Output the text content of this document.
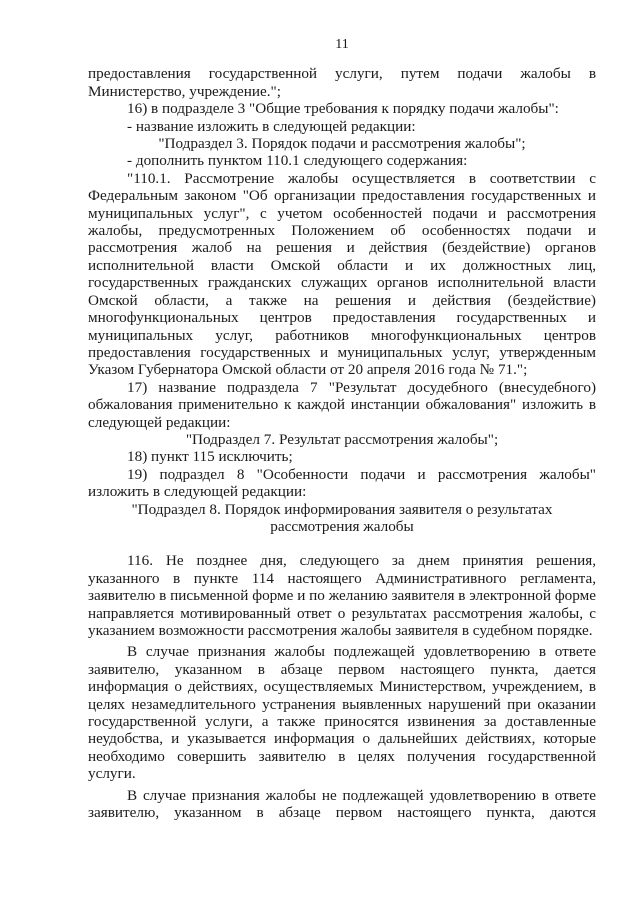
11

предоставления государственной услуги, путем подачи жалобы в Министерство, учреждение.";

16) в подразделе 3 "Общие требования к порядку подачи жалобы":

- название изложить в следующей редакции:

"Подраздел 3. Порядок подачи и рассмотрения жалобы";

- дополнить пунктом 110.1 следующего содержания:

"110.1. Рассмотрение жалобы осуществляется в соответствии с Федеральным законом "Об организации предоставления государственных и муниципальных услуг", с учетом особенностей подачи и рассмотрения жалобы, предусмотренных Положением об особенностях подачи и рассмотрения жалоб на решения и действия (бездействие) органов исполнительной власти Омской области и их должностных лиц, государственных гражданских служащих органов исполнительной власти Омской области, а также на решения и действия (бездействие) многофункциональных центров предоставления государственных и муниципальных услуг, работников многофункциональных центров предоставления государственных и муниципальных услуг, утвержденным Указом Губернатора Омской области от 20 апреля 2016 года № 71.";

17) название подраздела 7 "Результат досудебного (внесудебного) обжалования применительно к каждой инстанции обжалования" изложить в следующей редакции:

"Подраздел 7. Результат рассмотрения жалобы";

18) пункт 115 исключить;

19) подраздел 8 "Особенности подачи и рассмотрения жалобы" изложить в следующей редакции:

"Подраздел 8. Порядок информирования заявителя о результатах

рассмотрения жалобы

116. Не позднее дня, следующего за днем принятия решения, указанного в пункте 114 настоящего Административного регламента, заявителю в письменной форме и по желанию заявителя в электронной форме направляется мотивированный ответ о результатах рассмотрения жалобы, с указанием возможности рассмотрения жалобы заявителя в судебном порядке.

В случае признания жалобы подлежащей удовлетворению в ответе заявителю, указанном в абзаце первом настоящего пункта, дается информация о действиях, осуществляемых Министерством, учреждением, в целях незамедлительного устранения выявленных нарушений при оказании государственной услуги, а также приносятся извинения за доставленные неудобства, и указывается информация о дальнейших действиях, которые необходимо совершить заявителю в целях получения государственной услуги.

В случае признания жалобы не подлежащей удовлетворению в ответе заявителю, указанном в абзаце первом настоящего пункта, даются
